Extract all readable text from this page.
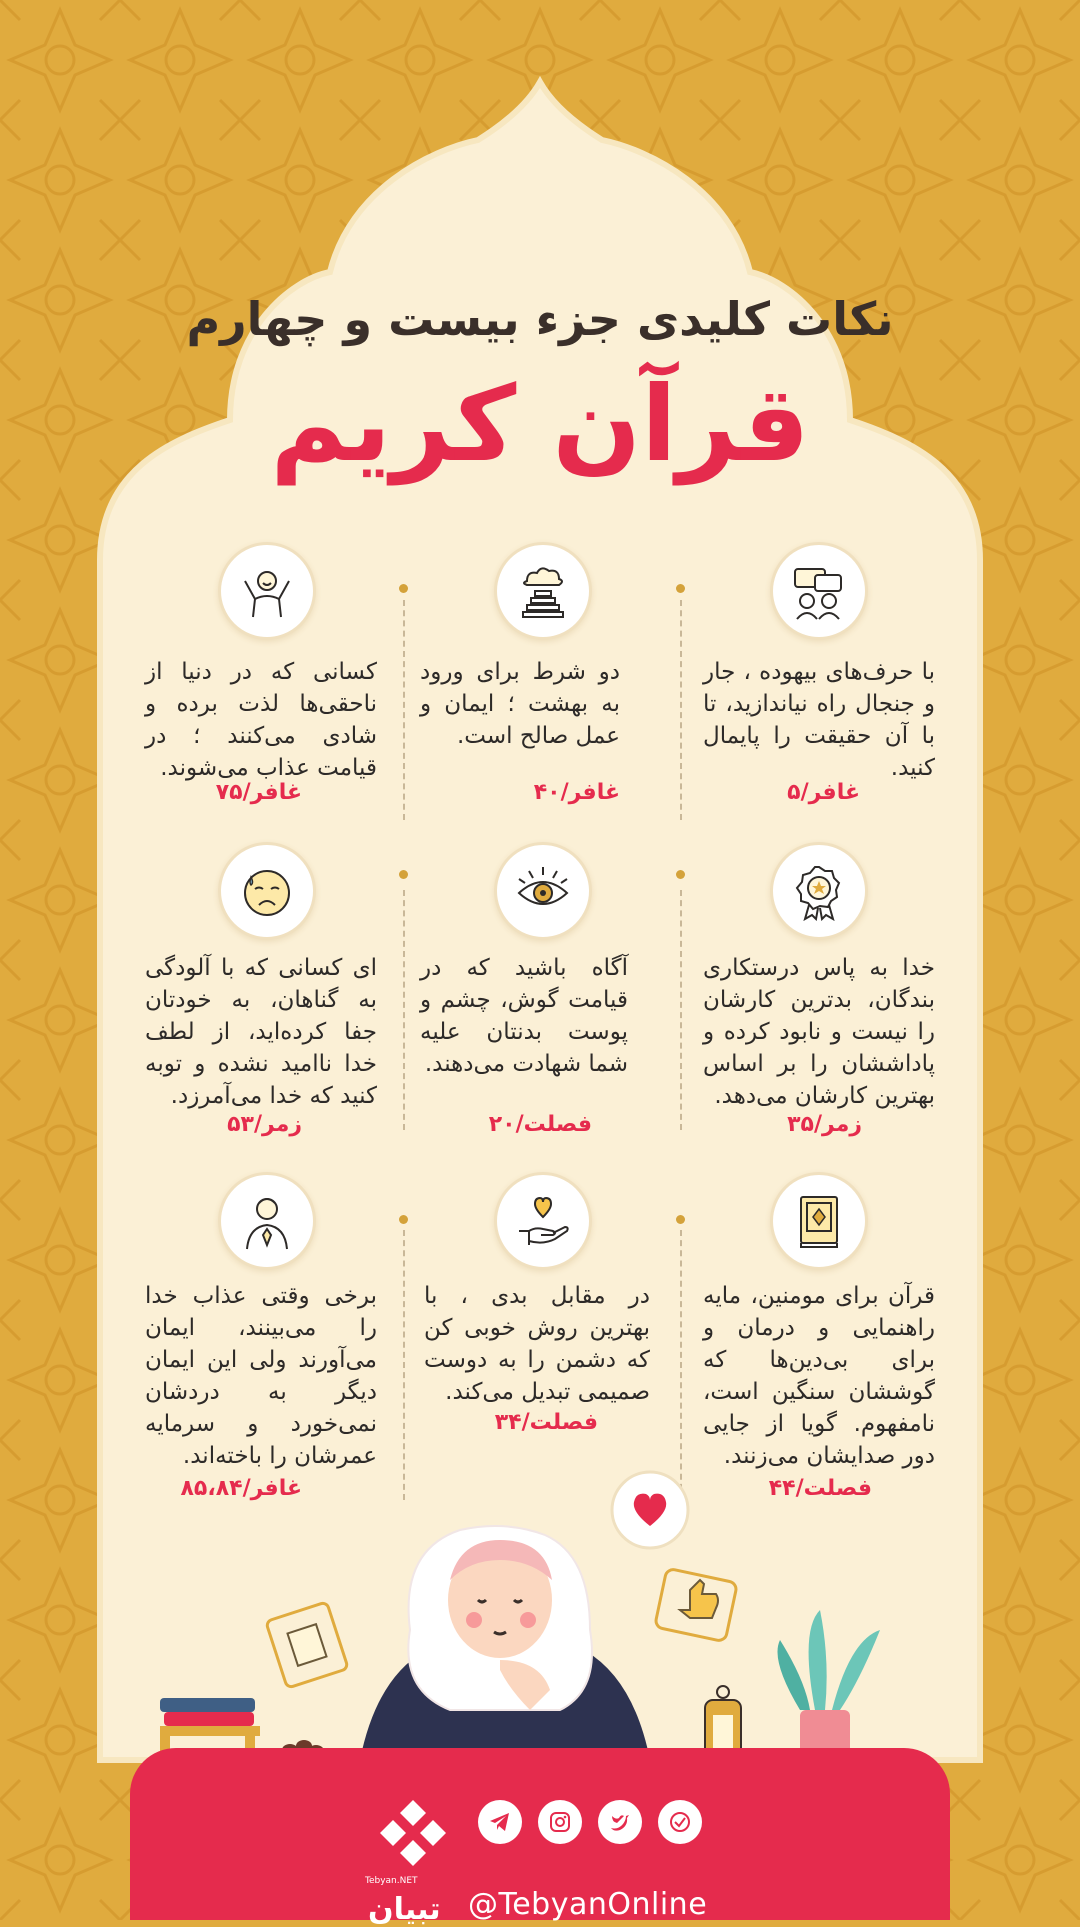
نکات کلیدی جزء بیست و چهارم
قرآن کریم
با حرف‌های بیهوده ، جار و جنجال راه نیاندازید، تا با آن حقیقت را پایمال کنید.
غافر/۵
دو شرط برای ورود به بهشت ؛ ایمان و عمل صالح است.
غافر/۴۰
کسانی که در دنیا از ناحقی‌ها لذت برده و شادی می‌کنند ؛ در قیامت عذاب می‌شوند.
غافر/۷۵
خدا به پاس درستکاری بندگان، بدترین کارشان را نیست و نابود کرده و پاداششان را بر اساس بهترین کارشان می‌دهد.
زمر/۳۵
آگاه باشید که در قیامت گوش، چشم و پوست بدنتان علیه شما شهادت می‌دهند.
فصلت/۲۰
ای کسانی که با آلودگی به گناهان، به خودتان جفا کرده‌اید، از لطف خدا ناامید نشده و توبه کنید که خدا می‌آمرزد.
زمر/۵۳
قرآن برای مومنین، مایه راهنمایی و درمان و برای بی‌دین‌ها که گوششان سنگین است، نامفهوم. گویا از جایی دور صدایشان می‌زنند.
فصلت/۴۴
در مقابل بدی ، با بهترین روش خوبی کن که دشمن را به دوست صمیمی تبدیل می‌کند.
فصلت/۳۴
برخی وقتی عذاب خدا را می‌بینند، ایمان می‌آورند ولی این ایمان دیگر به دردشان نمی‌خورد و سرمایه عمرشان را باخته‌اند.
غافر/۸۵،۸۴
تبیان
Tebyan.NET
@TebyanOnline
